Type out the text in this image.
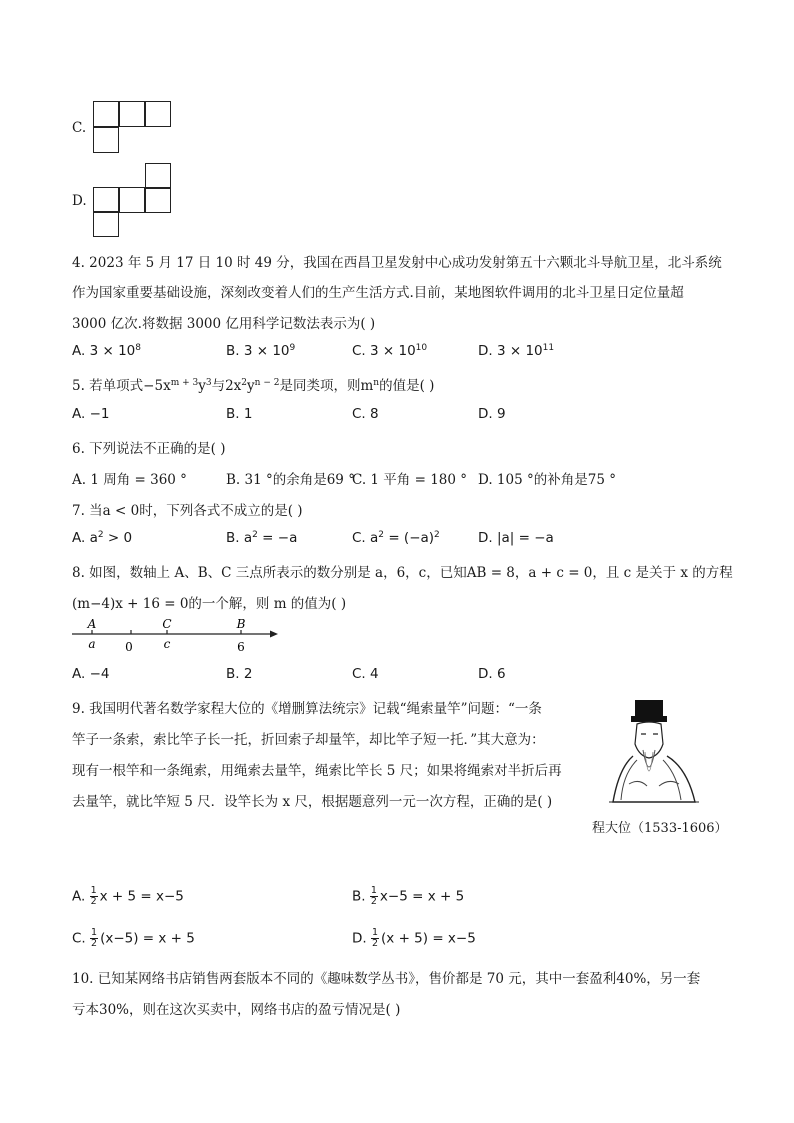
C.
D.
4. 2023 年 5 月 17 日 10 时 49 分，我国在西昌卫星发射中心成功发射第五十六颗北斗导航卫星，北斗系统
作为国家重要基础设施，深刻改变着人们的生产生活方式.目前，某地图软件调用的北斗卫星日定位量超
3000 亿次.将数据 3000 亿用科学记数法表示为( )
A. $3 \times 10^8$	B. $3 \times 10^9$	C. $3 \times 10^{10}$	D. $3 \times 10^{11}$
5. 若单项式$-5x^{m + 3}y^3$与$2x^2y^{n - 2}$是同类项，则$m^n$的值是( )
A. −1	B. 1	C. 8	D. 9
6. 下列说法不正确的是( )
A. 1 周角 = 360 °	B. 31 °的余角是69 °
C. 1 平角 = 180 ° D. 105 °的补角是75 °
7. 当a < 0时，下列各式不成立的是( )
A. $a^2 > 0$	B. $a^2 = -a$	C. $a^2 = (-a)^2$	D. |a| = −a
8. 如图，数轴上 A、B、C 三点所表示的数分别是 a，6，c，已知AB = 8，a + c = 0，且 c 是关于 x 的方程
(m−4)x + 16 = 0的一个解，则 m 的值为( )
A	C	B
a 0	c	6
A. −4	B. 2	C. 4	D. 6
9. 我国明代著名数学家程大位的《增删算法统宗》记载“绳索量竿”问题：“一条
竿子一条索，索比竿子长一托，折回索子却量竿，却比竿子短一托．”其大意为：
现有一根竿和一条绳索，用绳索去量竿，绳索比竿长 5 尺；如果将绳索对半折后再
去量竿，就比竿短 5 尺．设竿长为 x 尺，根据题意列一元一次方程，正确的是( )
程大位（1533-1606）
A. $\frac{1}{2}$ x + 5 = x−5	B. $\frac{1}{2} x-5 = x + 5$
C. $\frac{1}{2} (x-5) = x + 5$	D. $\frac{1}{2} (x + 5) = x-5$
10. 已知某网络书店销售两套版本不同的《趣味数学丛书》，售价都是 70 元，其中一套盈利40%，另一套
亏本30%，则在这次买卖中，网络书店的盈亏情况是( )
